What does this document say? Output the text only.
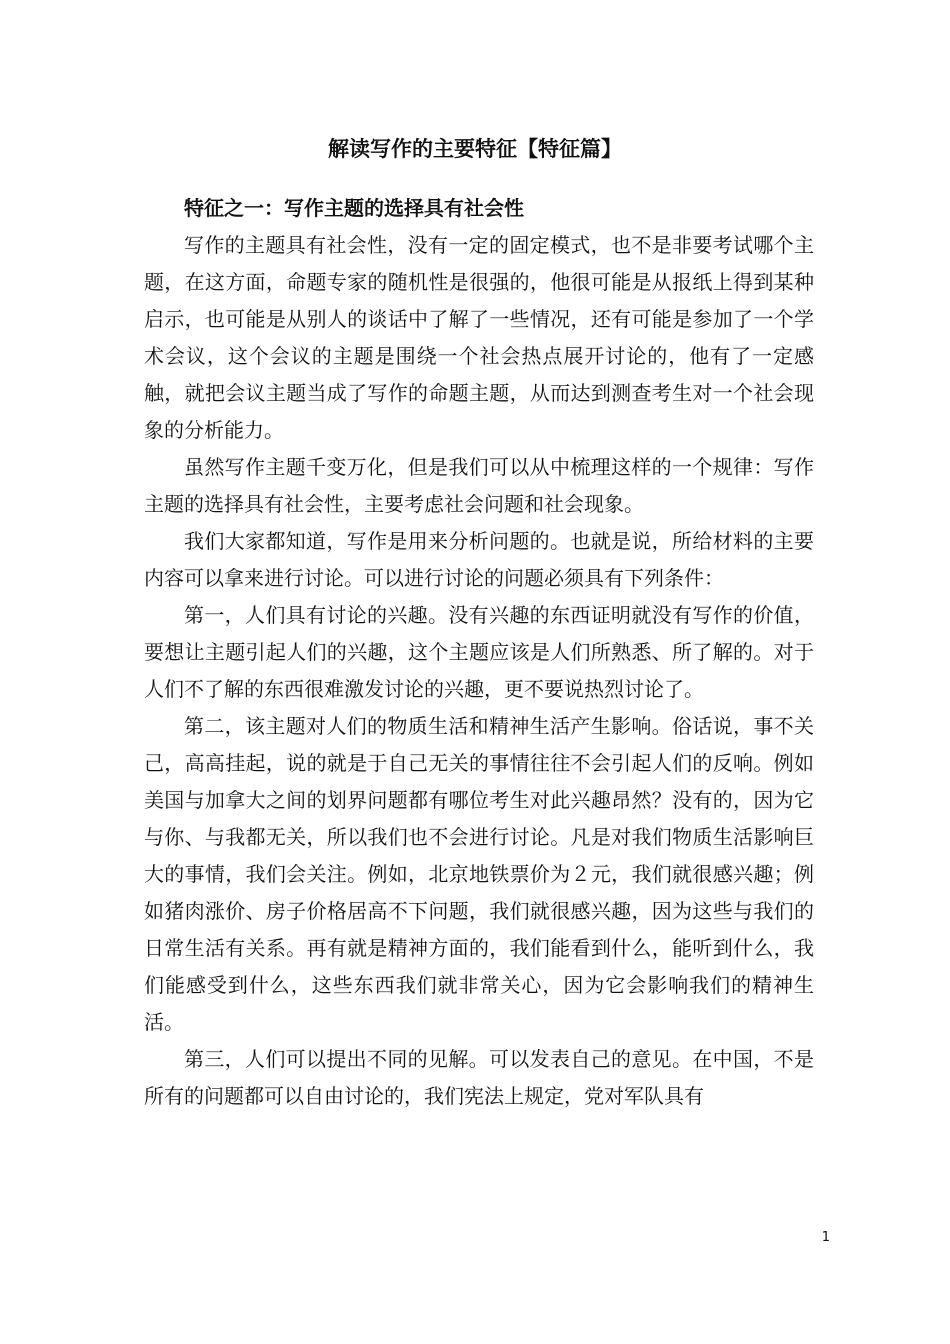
解读写作的主要特征【特征篇】
特征之一：写作主题的选择具有社会性

写作的主题具有社会性，没有一定的固定模式，也不是非要考试哪个主题，在这方面，命题专家的随机性是很强的，他很可能是从报纸上得到某种启示，也可能是从别人的谈话中了解了一些情况，还有可能是参加了一个学术会议，这个会议的主题是围绕一个社会热点展开讨论的，他有了一定感触，就把会议主题当成了写作的命题主题，从而达到测查考生对一个社会现象的分析能力。

虽然写作主题千变万化，但是我们可以从中梳理这样的一个规律：写作主题的选择具有社会性，主要考虑社会问题和社会现象。

我们大家都知道，写作是用来分析问题的。也就是说，所给材料的主要内容可以拿来进行讨论。可以进行讨论的问题必须具有下列条件：

第一，人们具有讨论的兴趣。没有兴趣的东西证明就没有写作的价值，要想让主题引起人们的兴趣，这个主题应该是人们所熟悉、所了解的。对于人们不了解的东西很难激发讨论的兴趣，更不要说热烈讨论了。

第二，该主题对人们的物质生活和精神生活产生影响。俗话说，事不关己，高高挂起，说的就是于自己无关的事情往往不会引起人们的反响。例如美国与加拿大之间的划界问题都有哪位考生对此兴趣昂然？没有的，因为它与你、与我都无关，所以我们也不会进行讨论。凡是对我们物质生活影响巨大的事情，我们会关注。例如，北京地铁票价为２元，我们就很感兴趣；例如猪肉涨价、房子价格居高不下问题，我们就很感兴趣，因为这些与我们的日常生活有关系。再有就是精神方面的，我们能看到什么，能听到什么，我们能感受到什么，这些东西我们就非常关心，因为它会影响我们的精神生活。

第三，人们可以提出不同的见解。可以发表自己的意见。在中国，不是所有的问题都可以自由讨论的，我们宪法上规定，党对军队具有

1
